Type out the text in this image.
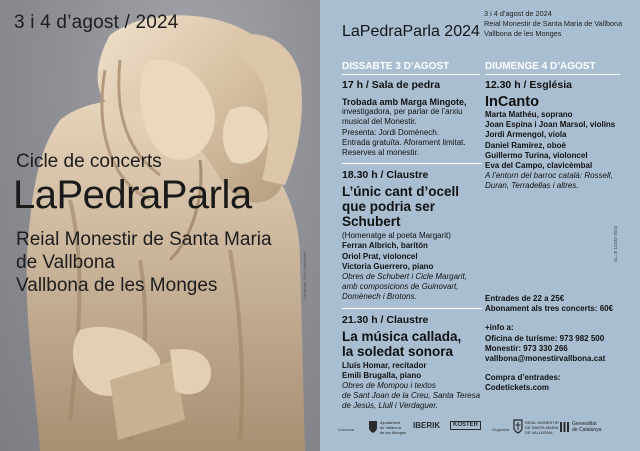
3 i 4 d’agost / 2024
Cicle de concerts
LaPedraParla
Reial Monestir de Santa Maria
de Vallbona
Vallbona de les Monges	Fotografia: Pere Autorreferí
LaPedraParla 2024
3 i 4 d’agost de 2024
Reial Monestir de Santa Maria de Vallbona
Vallbona de les Monges
DISSABTE 3 D’AGOST
17 h / Sala de pedra
Trobada amb Marga Mingote,
investigadora, per parlar de l’arxiu
musical del Monestir.
Presenta: Jordi Domènech.
Entrada gratuïta. Aforament limitat.
Reserves al monestir.
18.30 h / Claustre
L’únic cant d’ocell
que podria ser
Schubert
(Homenatge al poeta Margarit)
Ferran Albrich, barítón
Oriol Prat, violoncel
Victoria Guerrero, piano
Obres de Schubert i Cicle Margarit,
amb composicions de Guinovart,
Domènech i Brotons.
21.30 h / Claustre
La música callada,
la soledat sonora
Lluís Homar, recitador
Emili Brugalla, piano
Obres de Mompou i textos
de Sant Joan de la Creu, Santa Teresa
de Jesús, Llull i Verdaguer.
DIUMENGE 4 D’AGOST
12.30 h / Església
InCanto
Marta Mathéu, soprano
Joan Espina i Joan Marsol, violins
Jordi Armengol, viola
Daniel Ramírez, oboè
Guillermo Turina, violoncel
Eva del Campo, clavicèmbal
A l’entorn del barroc català: Rossell,
Duran, Terradellas i altres.
DL: B 11933-2024
Entrades de 22 a 25€
Abonament als tres concerts: 60€
+info a:
Oficina de turisme: 973 982 500
Monestir: 973 330 266
vallbona@monestirvallbona.cat
Compra d’entrades:
Codetickets.com
Convoca
Ajuntament
de Vallbona
de les Monges
IBERIK	KOSTER
Organitza
REIAL MONESTIR
DE SANTA MARIA
DE VALLBONA
Generalitat
de Catalunya
